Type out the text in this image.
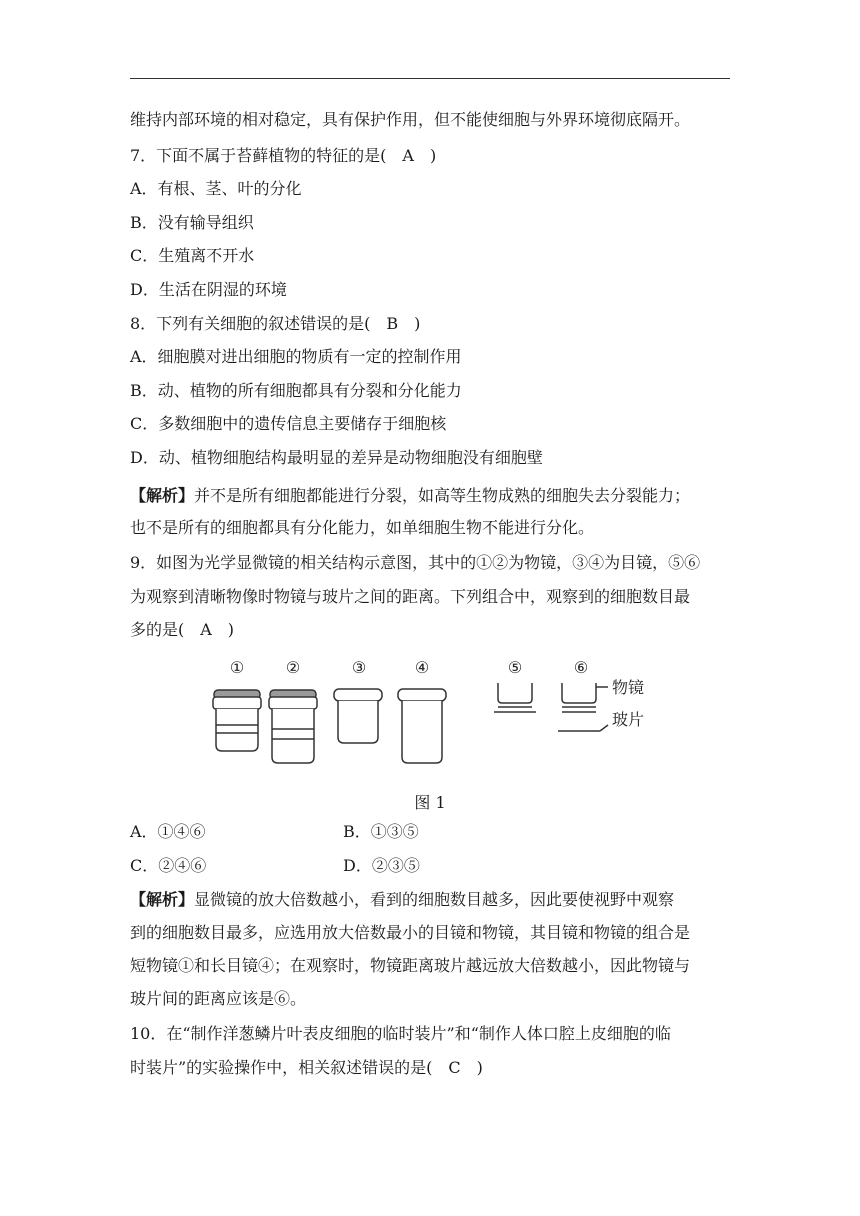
维持内部环境的相对稳定，具有保护作用，但不能使细胞与外界环境彻底隔开。
7．下面不属于苔藓植物的特征的是(　A　)
A．有根、茎、叶的分化
B．没有输导组织
C．生殖离不开水
D．生活在阴湿的环境
8．下列有关细胞的叙述错误的是(　B　)
A．细胞膜对进出细胞的物质有一定的控制作用
B．动、植物的所有细胞都具有分裂和分化能力
C．多数细胞中的遗传信息主要储存于细胞核
D．动、植物细胞结构最明显的差异是动物细胞没有细胞壁
【解析】并不是所有细胞都能进行分裂，如高等生物成熟的细胞失去分裂能力；
也不是所有的细胞都具有分化能力，如单细胞生物不能进行分化。
9．如图为光学显微镜的相关结构示意图，其中的①②为物镜，③④为目镜，⑤⑥
为观察到清晰物像时物镜与玻片之间的距离。下列组合中，观察到的细胞数目最
多的是(　A　)
①	②	③	④	⑤	⑥
物镜
玻片
图 1
A．①④⑥	B．①③⑤
C．②④⑥	D．②③⑤
【解析】显微镜的放大倍数越小，看到的细胞数目越多，因此要使视野中观察
到的细胞数目最多，应选用放大倍数最小的目镜和物镜，其目镜和物镜的组合是
短物镜①和长目镜④；在观察时，物镜距离玻片越远放大倍数越小，因此物镜与
玻片间的距离应该是⑥。
10．在“制作洋葱鳞片叶表皮细胞的临时装片”和“制作人体口腔上皮细胞的临
时装片”的实验操作中，相关叙述错误的是(　C　)
